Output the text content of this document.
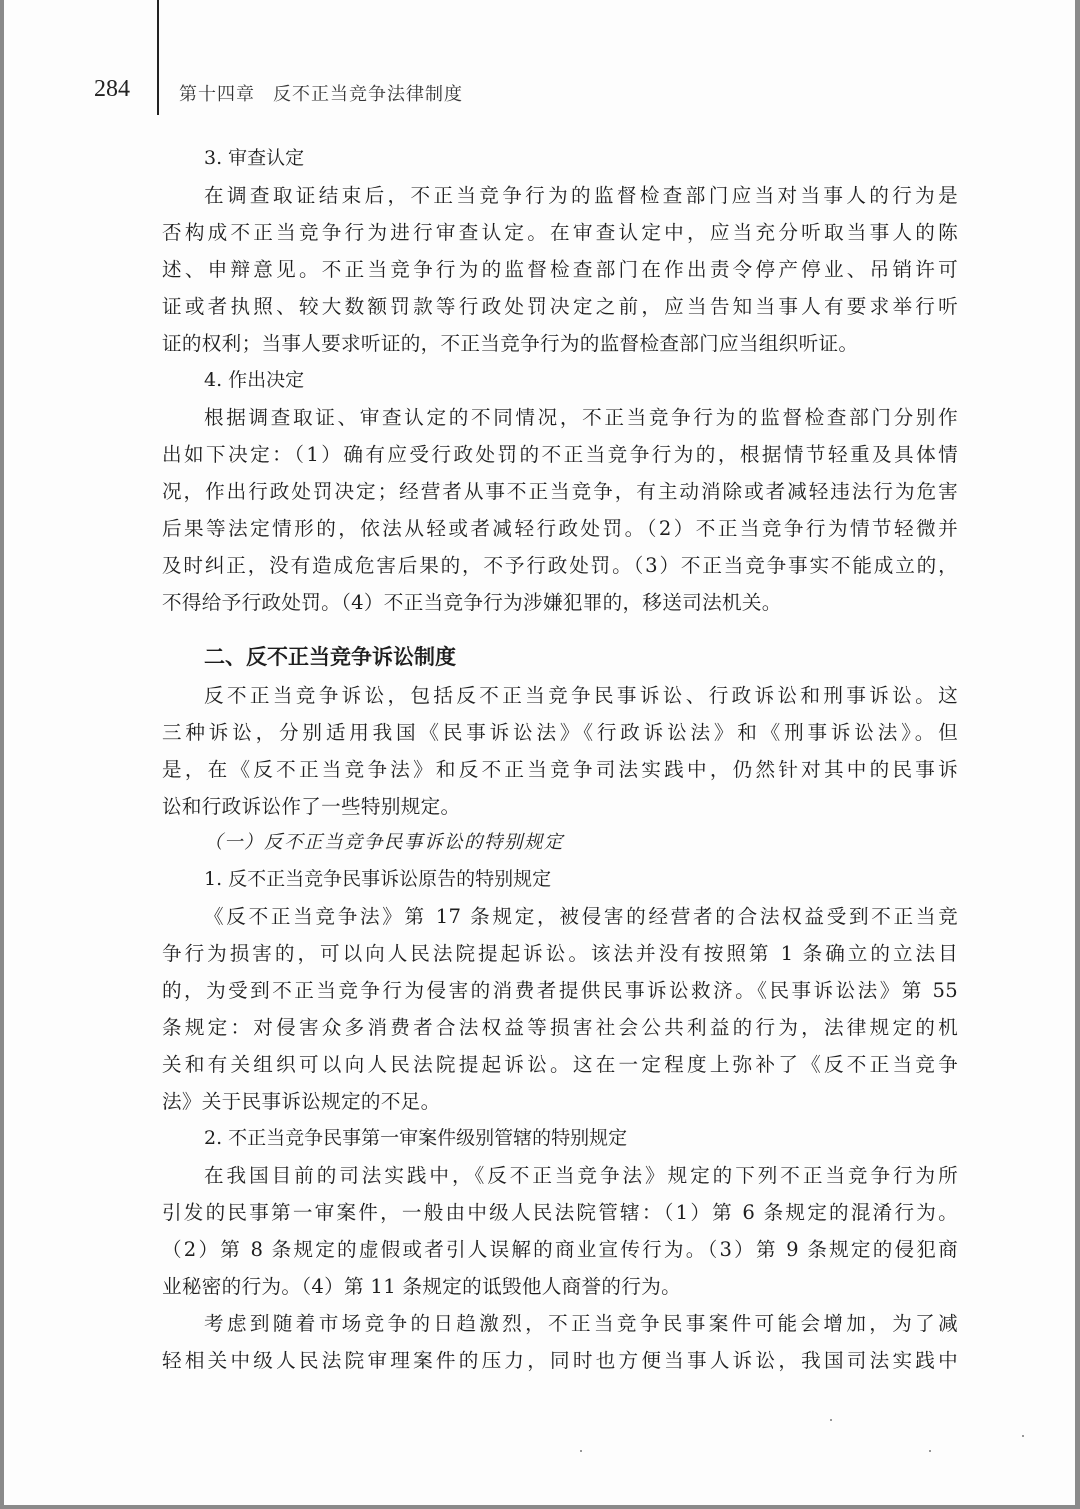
284	第十四章 反不正当竞争法律制度
3. 审查认定
在调查取证结束后，不正当竞争行为的监督检查部门应当对当事人的行为是
否构成不正当竞争行为进行审查认定。在审查认定中，应当充分听取当事人的陈
述、申辩意见。不正当竞争行为的监督检查部门在作出责令停产停业、吊销许可
证或者执照、较大数额罚款等行政处罚决定之前，应当告知当事人有要求举行听
证的权利；当事人要求听证的，不正当竞争行为的监督检查部门应当组织听证。
4. 作出决定
根据调查取证、审查认定的不同情况，不正当竞争行为的监督检查部门分别作
出如下决定：（1）确有应受行政处罚的不正当竞争行为的，根据情节轻重及具体情
况，作出行政处罚决定；经营者从事不正当竞争，有主动消除或者减轻违法行为危害
后果等法定情形的，依法从轻或者减轻行政处罚。（2）不正当竞争行为情节轻微并
及时纠正，没有造成危害后果的，不予行政处罚。（3）不正当竞争事实不能成立的，
不得给予行政处罚。（4）不正当竞争行为涉嫌犯罪的，移送司法机关。
二、反不正当竞争诉讼制度
反不正当竞争诉讼，包括反不正当竞争民事诉讼、行政诉讼和刑事诉讼。这
三种诉讼，分别适用我国《民事诉讼法》《行政诉讼法》和《刑事诉讼法》。但
是，在《反不正当竞争法》和反不正当竞争司法实践中，仍然针对其中的民事诉
讼和行政诉讼作了一些特别规定。
（一）反不正当竞争民事诉讼的特别规定
1. 反不正当竞争民事诉讼原告的特别规定
《反不正当竞争法》第 17 条规定，被侵害的经营者的合法权益受到不正当竞
争行为损害的，可以向人民法院提起诉讼。该法并没有按照第 1 条确立的立法目
的，为受到不正当竞争行为侵害的消费者提供民事诉讼救济。《民事诉讼法》第 55
条规定：对侵害众多消费者合法权益等损害社会公共利益的行为，法律规定的机
关和有关组织可以向人民法院提起诉讼。这在一定程度上弥补了《反不正当竞争
法》关于民事诉讼规定的不足。
2. 不正当竞争民事第一审案件级别管辖的特别规定
在我国目前的司法实践中，《反不正当竞争法》规定的下列不正当竞争行为所
引发的民事第一审案件，一般由中级人民法院管辖：（1）第 6 条规定的混淆行为。
（2）第 8 条规定的虚假或者引人误解的商业宣传行为。（3）第 9 条规定的侵犯商
业秘密的行为。（4）第 11 条规定的诋毁他人商誉的行为。
考虑到随着市场竞争的日趋激烈，不正当竞争民事案件可能会增加，为了减
轻相关中级人民法院审理案件的压力，同时也方便当事人诉讼，我国司法实践中
